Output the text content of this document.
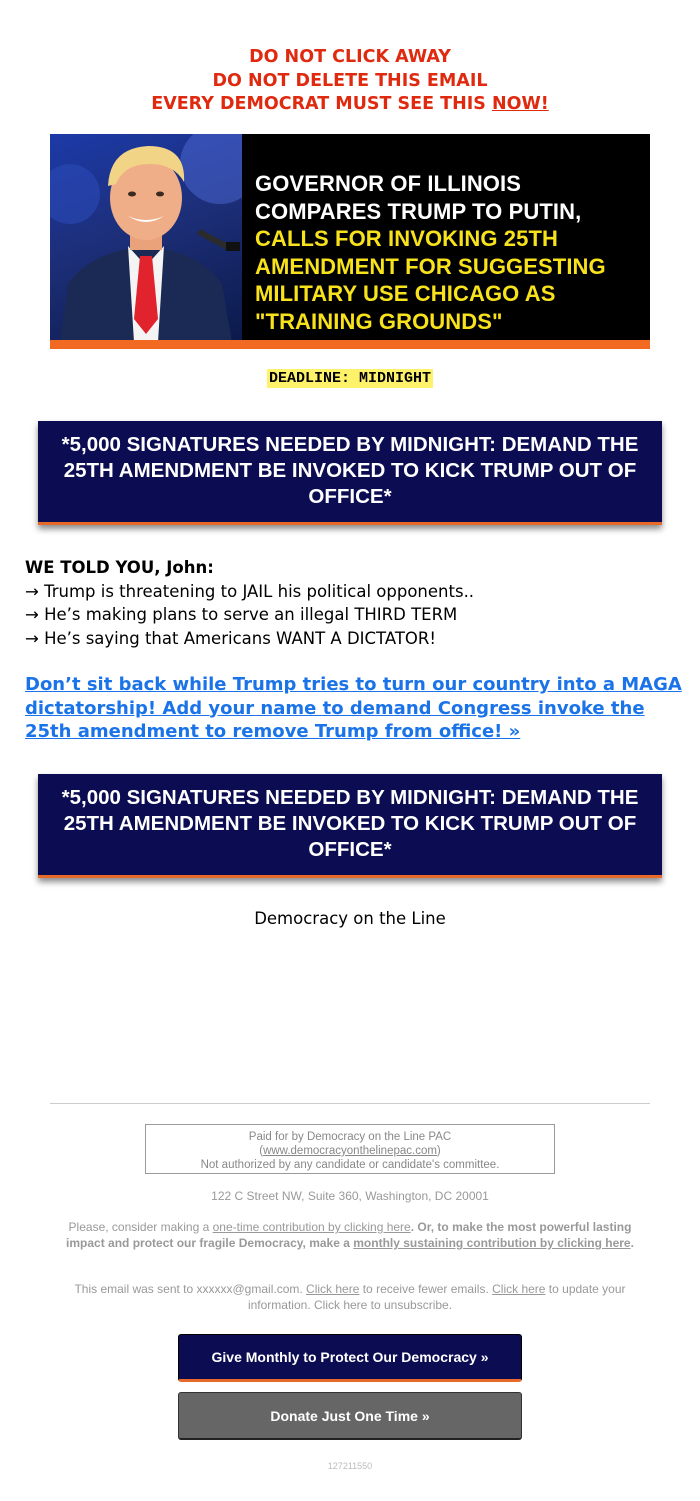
DO NOT CLICK AWAY
DO NOT DELETE THIS EMAIL
EVERY DEMOCRAT MUST SEE THIS NOW!
GOVERNOR OF ILLINOIS COMPARES TRUMP TO PUTIN, CALLS FOR INVOKING 25TH AMENDMENT FOR SUGGESTING MILITARY USE CHICAGO AS "TRAINING GROUNDS"
DEADLINE: MIDNIGHT
*5,000 SIGNATURES NEEDED BY MIDNIGHT: DEMAND THE 25TH AMENDMENT BE INVOKED TO KICK TRUMP OUT OF OFFICE*
WE TOLD YOU, John:
→ Trump is threatening to JAIL his political opponents..
→ He’s making plans to serve an illegal THIRD TERM
→ He’s saying that Americans WANT A DICTATOR!
Don’t sit back while Trump tries to turn our country into a MAGA dictatorship! Add your name to demand Congress invoke the 25th amendment to remove Trump from office! »
*5,000 SIGNATURES NEEDED BY MIDNIGHT: DEMAND THE 25TH AMENDMENT BE INVOKED TO KICK TRUMP OUT OF OFFICE*
Democracy on the Line
Paid for by Democracy on the Line PAC
(www.democracyonthelinepac.com)
Not authorized by any candidate or candidate's committee.
122 C Street NW, Suite 360, Washington, DC 20001
Please, consider making a one-time contribution by clicking here. Or, to make the most powerful lasting impact and protect our fragile Democracy, make a monthly sustaining contribution by clicking here.
This email was sent to xxxxxx@gmail.com. Click here to receive fewer emails. Click here to update your information. Click here to unsubscribe.
Give Monthly to Protect Our Democracy »
Donate Just One Time »
127211550
